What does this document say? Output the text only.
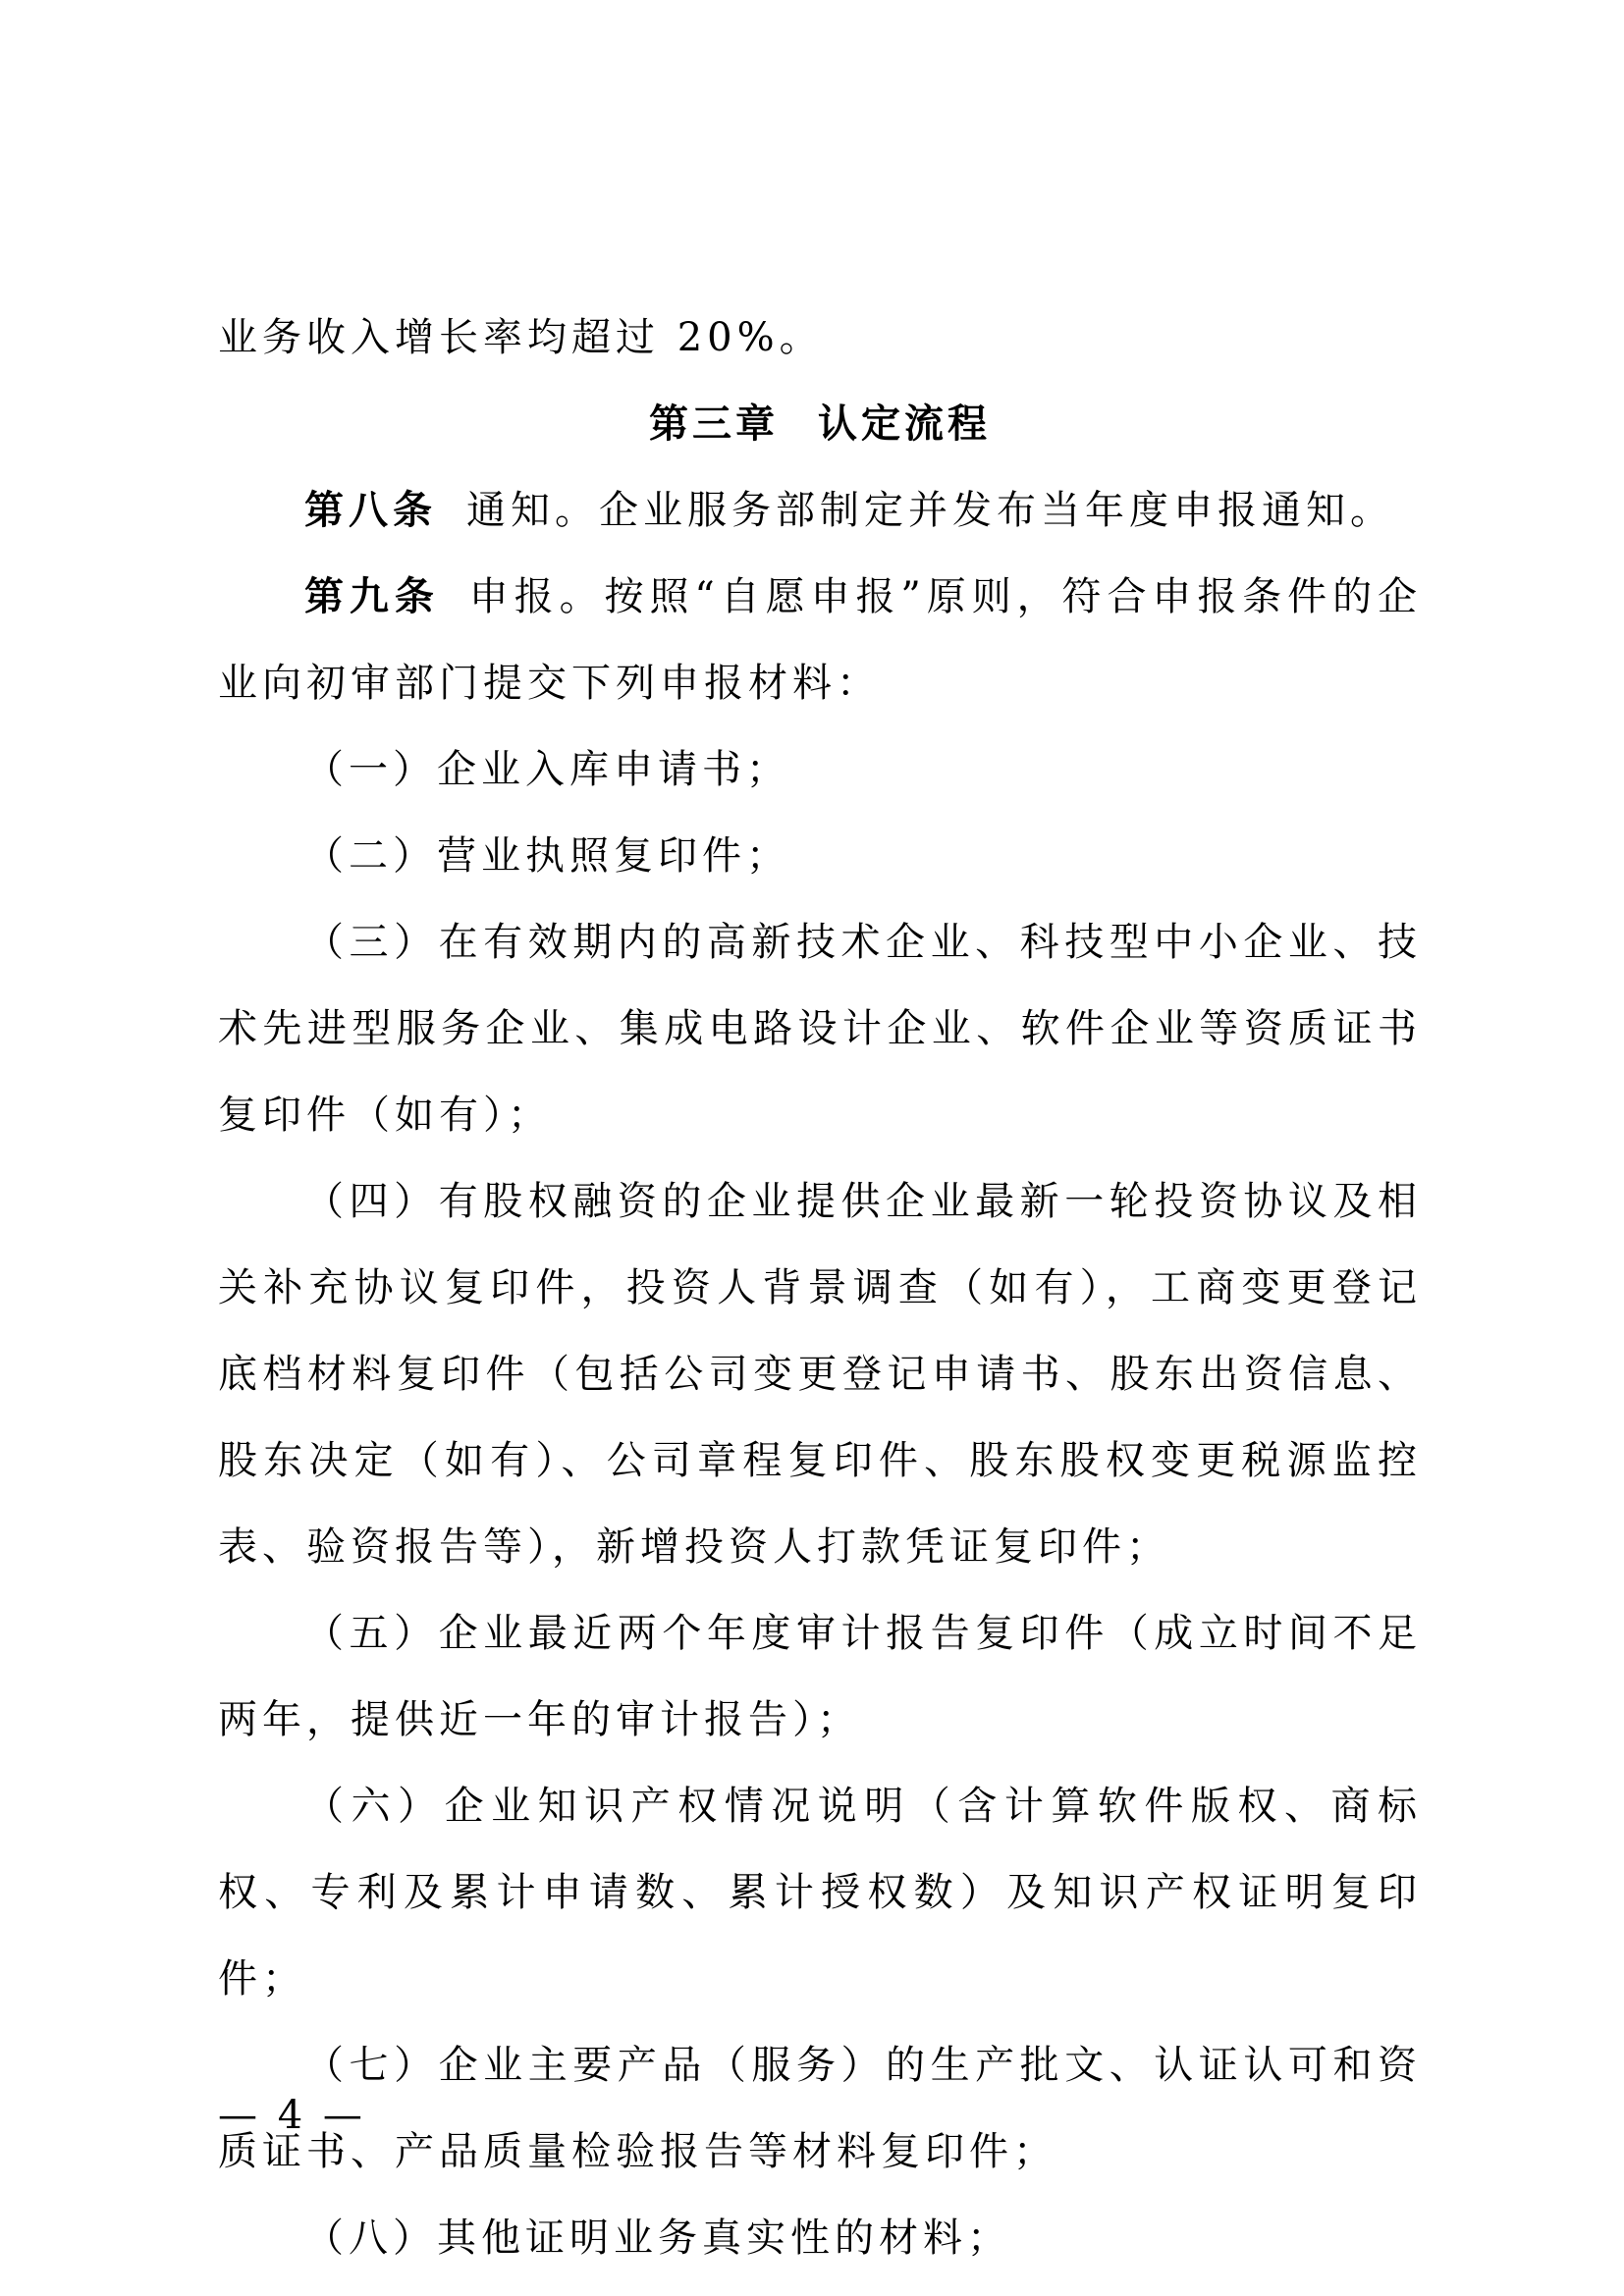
业务收入增长率均超过 20%。

第三章 认定流程

第八条 通知。企业服务部制定并发布当年度申报通知。

第九条 申报。按照“自愿申报”原则，符合申报条件的企业向初审部门提交下列申报材料：

（一）企业入库申请书；

（二）营业执照复印件；

（三）在有效期内的高新技术企业、科技型中小企业、技术先进型服务企业、集成电路设计企业、软件企业等资质证书复印件（如有）；

（四）有股权融资的企业提供企业最新一轮投资协议及相关补充协议复印件，投资人背景调查（如有），工商变更登记底档材料复印件（包括公司变更登记申请书、股东出资信息、股东决定（如有）、公司章程复印件、股东股权变更税源监控表、验资报告等），新增投资人打款凭证复印件；

（五）企业最近两个年度审计报告复印件（成立时间不足两年，提供近一年的审计报告）；

（六）企业知识产权情况说明（含计算软件版权、商标权、专利及累计申请数、累计授权数）及知识产权证明复印件；

（七）企业主要产品（服务）的生产批文、认证认可和资质证书、产品质量检验报告等材料复印件；

（八）其他证明业务真实性的材料；

— 4 —
